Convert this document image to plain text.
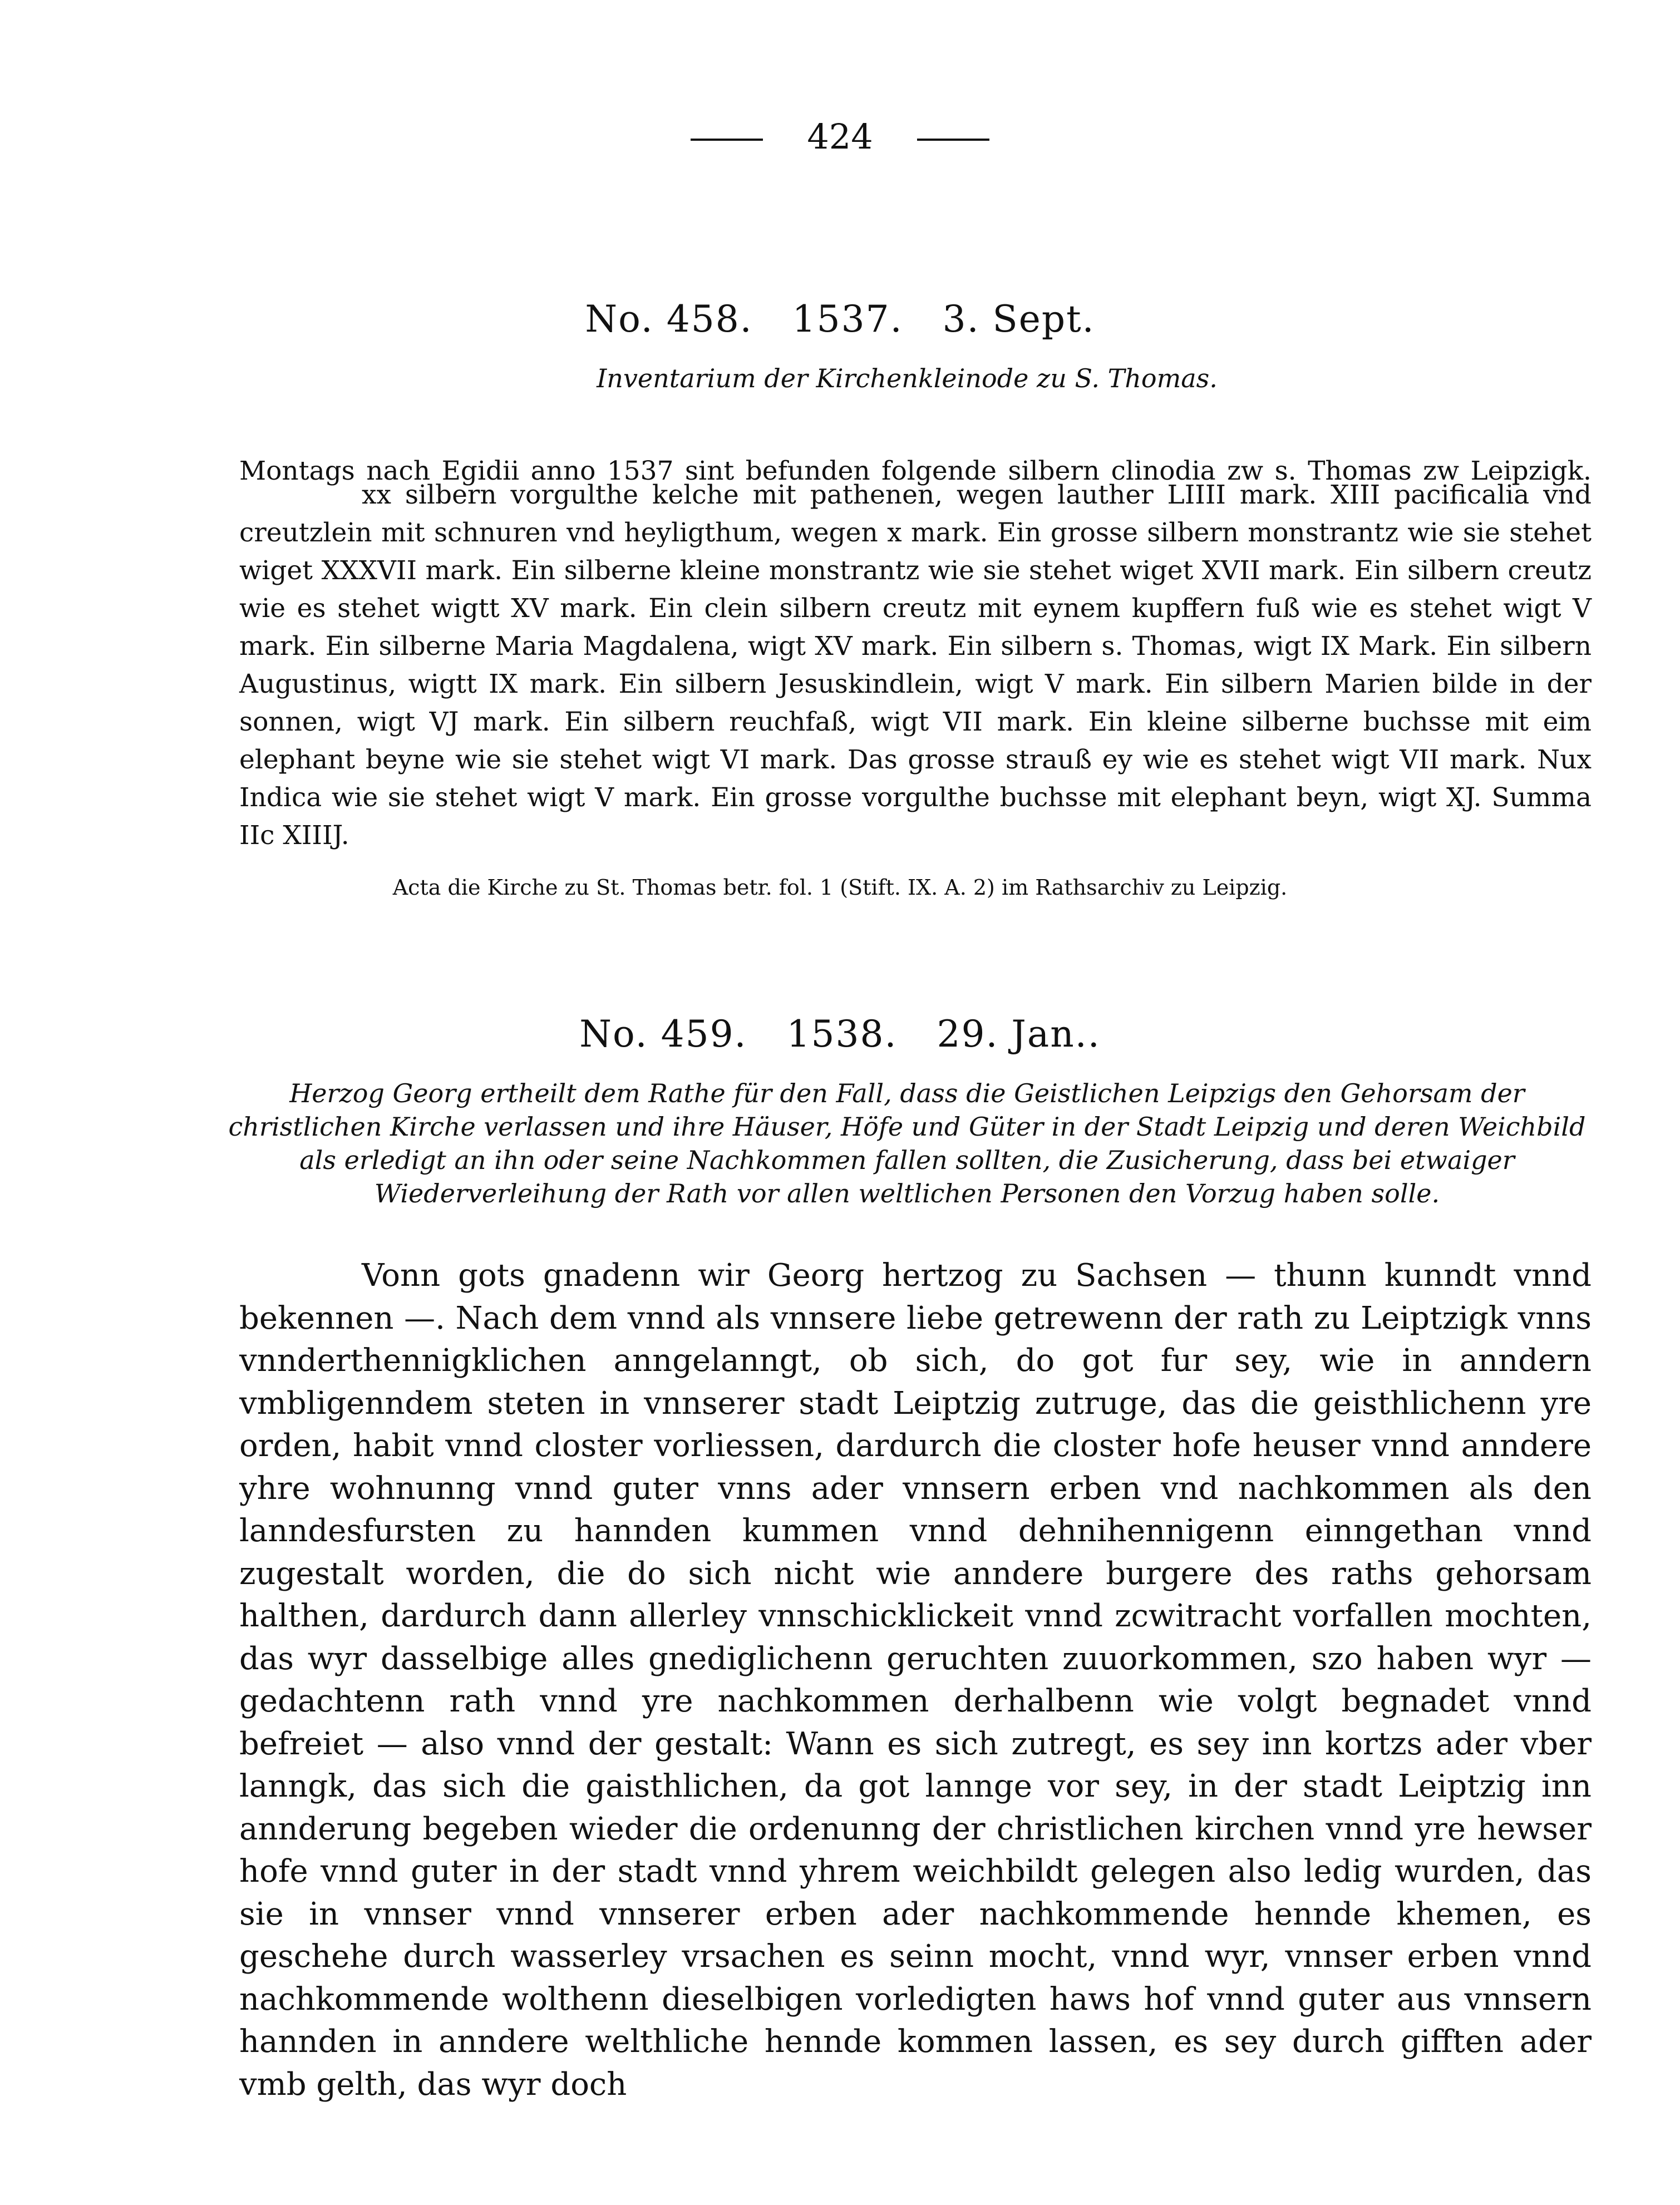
424
No. 458. 1537. 3. Sept.
Inventarium der Kirchenkleinode zu S. Thomas.

Montags nach Egidii anno 1537 sint befunden folgende silbern clinodia zw s. Thomas zw Leipzigk.

xx silbern vorgulthe kelche mit pathenen, wegen lauther LIIII mark. XIII pacificalia vnd creutzlein mit schnuren vnd heyligthum, wegen x mark. Ein grosse silbern monstrantz wie sie stehet wiget XXXVII mark. Ein silberne kleine monstrantz wie sie stehet wiget XVII mark. Ein silbern creutz wie es stehet wigtt XV mark. Ein clein silbern creutz mit eynem kupffern fuß wie es stehet wigt V mark. Ein silberne Maria Magdalena, wigt XV mark. Ein silbern s. Thomas, wigt IX Mark. Ein silbern Augustinus, wigtt IX mark. Ein silbern Jesuskindlein, wigt V mark. Ein silbern Marien bilde in der sonnen, wigt VJ mark. Ein silbern reuchfaß, wigt VII mark. Ein kleine silberne buchsse mit eim elephant beyne wie sie stehet wigt VI mark. Das grosse strauß ey wie es stehet wigt VII mark. Nux Indica wie sie stehet wigt V mark. Ein grosse vorgulthe buchsse mit elephant beyn, wigt XJ. Summa IIc XIIIJ.

Acta die Kirche zu St. Thomas betr. fol. 1 (Stift. IX. A. 2) im Rathsarchiv zu Leipzig.
No. 459. 1538. 29. Jan..
Herzog Georg ertheilt dem Rathe für den Fall, dass die Geistlichen Leipzigs den Gehorsam der christlichen Kirche verlassen und ihre Häuser, Höfe und Güter in der Stadt Leipzig und deren Weichbild als erledigt an ihn oder seine Nachkommen fallen sollten, die Zusicherung, dass bei etwaiger Wiederverleihung der Rath vor allen weltlichen Personen den Vorzug haben solle.

Vonn gots gnadenn wir Georg hertzog zu Sachsen — thunn kunndt vnnd bekennen —. Nach dem vnnd als vnnsere liebe getrewenn der rath zu Leiptzigk vnns vnnderthennigklichen anngelanngt, ob sich, do got fur sey, wie in anndern vmbligenndem steten in vnnserer stadt Leiptzig zutruge, das die geisthlichenn yre orden, habit vnnd closter vorliessen, dardurch die closter hofe heuser vnnd anndere yhre wohnunng vnnd guter vnns ader vnnsern erben vnd nachkommen als den lanndesfursten zu hannden kummen vnnd dehnihennigenn einngethan vnnd zugestalt worden, die do sich nicht wie anndere burgere des raths gehorsam halthen, dardurch dann allerley vnnschicklickeit vnnd zcwitracht vorfallen mochten, das wyr dasselbige alles gnediglichenn geruchten zuuorkommen, szo haben wyr — gedachtenn rath vnnd yre nachkommen derhalbenn wie volgt begnadet vnnd befreiet — also vnnd der gestalt: Wann es sich zutregt, es sey inn kortzs ader vber lanngk, das sich die gaisthlichen, da got lannge vor sey, in der stadt Leiptzig inn annderung begeben wieder die ordenunng der christlichen kirchen vnnd yre hewser hofe vnnd guter in der stadt vnnd yhrem weichbildt gelegen also ledig wurden, das sie in vnnser vnnd vnnserer erben ader nachkommende hennde khemen, es geschehe durch wasserley vrsachen es seinn mocht, vnnd wyr, vnnser erben vnnd nachkommende wolthenn dieselbigen vorledigten haws hof vnnd guter aus vnnsern hannden in anndere welthliche hennde kommen lassen, es sey durch gifften ader vmb gelth, das wyr doch
